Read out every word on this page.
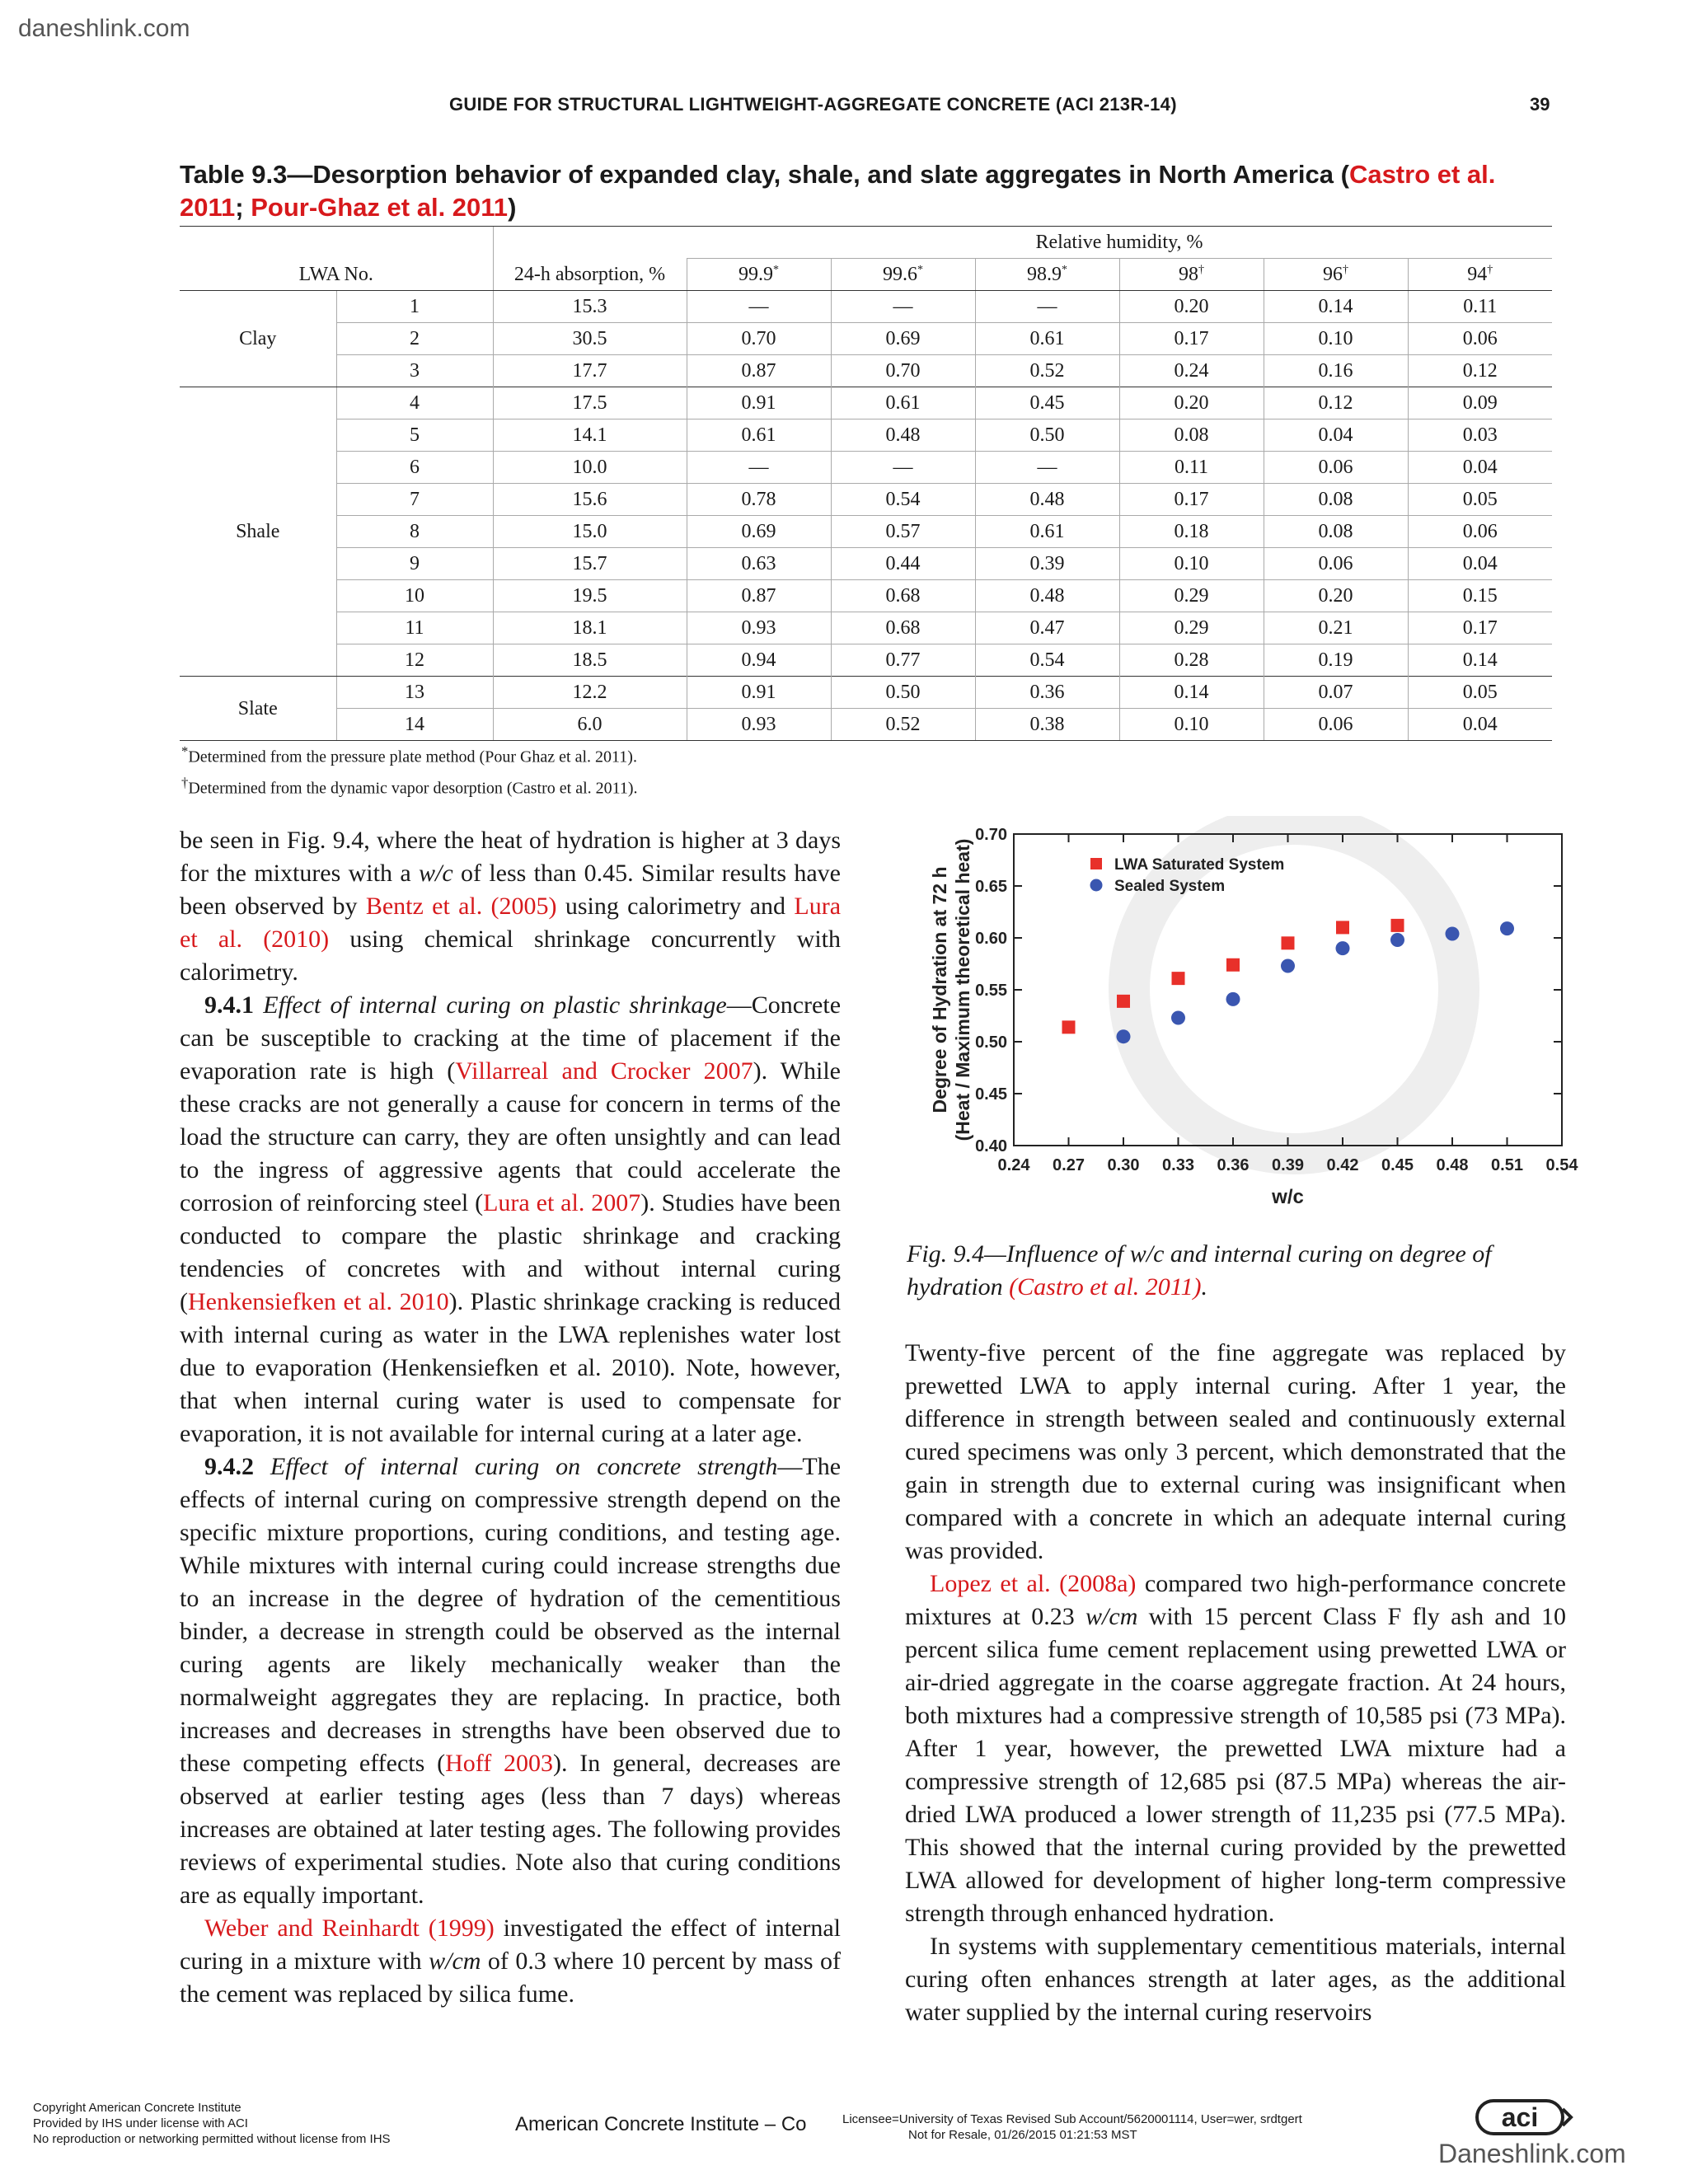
daneshlink.com
GUIDE FOR STRUCTURAL LIGHTWEIGHT-AGGREGATE CONCRETE (ACI 213R-14)	39
Table 9.3—Desorption behavior of expanded clay, shale, and slate aggregates in North America (Castro et al. 2011; Pour-Ghaz et al. 2011)
			Relative humidity, %					
LWA No.		24-h absorption, %	99.9*	99.6*	98.9*	98†	96†	94†
Clay	1	15.3	—	—	—	0.20	0.14	0.11
	2	30.5	0.70	0.69	0.61	0.17	0.10	0.06
	3	17.7	0.87	0.70	0.52	0.24	0.16	0.12
Shale	4	17.5	0.91	0.61	0.45	0.20	0.12	0.09
	5	14.1	0.61	0.48	0.50	0.08	0.04	0.03
	6	10.0	—	—	—	0.11	0.06	0.04
	7	15.6	0.78	0.54	0.48	0.17	0.08	0.05
	8	15.0	0.69	0.57	0.61	0.18	0.08	0.06
	9	15.7	0.63	0.44	0.39	0.10	0.06	0.04
	10	19.5	0.87	0.68	0.48	0.29	0.20	0.15
	11	18.1	0.93	0.68	0.47	0.29	0.21	0.17
	12	18.5	0.94	0.77	0.54	0.28	0.19	0.14
Slate	13	12.2	0.91	0.50	0.36	0.14	0.07	0.05
	14	6.0	0.93	0.52	0.38	0.10	0.06	0.04
*Determined from the pressure plate method (Pour Ghaz et al. 2011).
†Determined from the dynamic vapor desorption (Castro et al. 2011).

be seen in Fig. 9.4, where the heat of hydration is higher at 3 days for the mixtures with a w/c of less than 0.45. Similar results have been observed by Bentz et al. (2005) using calorimetry and Lura et al. (2010) using chemical shrinkage concurrently with calorimetry.

9.4.1 Effect of internal curing on plastic shrinkage—Concrete can be susceptible to cracking at the time of placement if the evaporation rate is high (Villarreal and Crocker 2007). While these cracks are not generally a cause for concern in terms of the load the structure can carry, they are often unsightly and can lead to the ingress of aggressive agents that could accelerate the corrosion of reinforcing steel (Lura et al. 2007). Studies have been conducted to compare the plastic shrinkage and cracking tendencies of concretes with and without internal curing (Henkensiefken et al. 2010). Plastic shrinkage cracking is reduced with internal curing as water in the LWA replenishes water lost due to evaporation (Henkensiefken et al. 2010). Note, however, that when internal curing water is used to compensate for evaporation, it is not available for internal curing at a later age.

9.4.2 Effect of internal curing on concrete strength—The effects of internal curing on compressive strength depend on the specific mixture proportions, curing conditions, and testing age. While mixtures with internal curing could increase strengths due to an increase in the degree of hydration of the cementitious binder, a decrease in strength could be observed as the internal curing agents are likely mechanically weaker than the normalweight aggregates they are replacing. In practice, both increases and decreases in strengths have been observed due to these competing effects (Hoff 2003). In general, decreases are observed at earlier testing ages (less than 7 days) whereas increases are obtained at later testing ages. The following provides reviews of experimental studies. Note also that curing conditions are as equally important.

Weber and Reinhardt (1999) investigated the effect of internal curing in a mixture with w/cm of 0.3 where 10 percent by mass of the cement was replaced by silica fume.

0.40
0.45
0.50
0.55
0.60
0.65
0.70
0.24 0.27 0.30 0.33 0.36 0.39 0.42 0.45 0.48 0.51 0.54
w/c
Degree of Hydration at 72 h (Heat / Maximum theoretical heat)	LWA Saturated System
Sealed System
Fig. 9.4—Influence of w/c and internal curing on degree of hydration (Castro et al. 2011).

Twenty-five percent of the fine aggregate was replaced by prewetted LWA to apply internal curing. After 1 year, the difference in strength between sealed and continuously external cured specimens was only 3 percent, which demonstrated that the gain in strength due to external curing was insignificant when compared with a concrete in which an adequate internal curing was provided.

Lopez et al. (2008a) compared two high-performance concrete mixtures at 0.23 w/cm with 15 percent Class F fly ash and 10 percent silica fume cement replacement using prewetted LWA or air-dried aggregate in the coarse aggregate fraction. At 24 hours, both mixtures had a compressive strength of 10,585 psi (73 MPa). After 1 year, however, the prewetted LWA mixture had a compressive strength of 12,685 psi (87.5 MPa) whereas the air-dried LWA produced a lower strength of 11,235 psi (77.5 MPa). This showed that the internal curing provided by the prewetted LWA allowed for development of higher long-term compressive strength through enhanced hydration.

In systems with supplementary cementitious materials, internal curing often enhances strength at later ages, as the additional water supplied by the internal curing reservoirs

Copyright American Concrete Institute
Provided by IHS under license with ACI
No reproduction or networking permitted without license from IHS
American Concrete Institute – Co	Licensee=University of Texas Revised Sub Account/5620001114, User=wer, srdtgert
Not for Resale, 01/26/2015 01:21:53 MST
aci
Daneshlink.com
